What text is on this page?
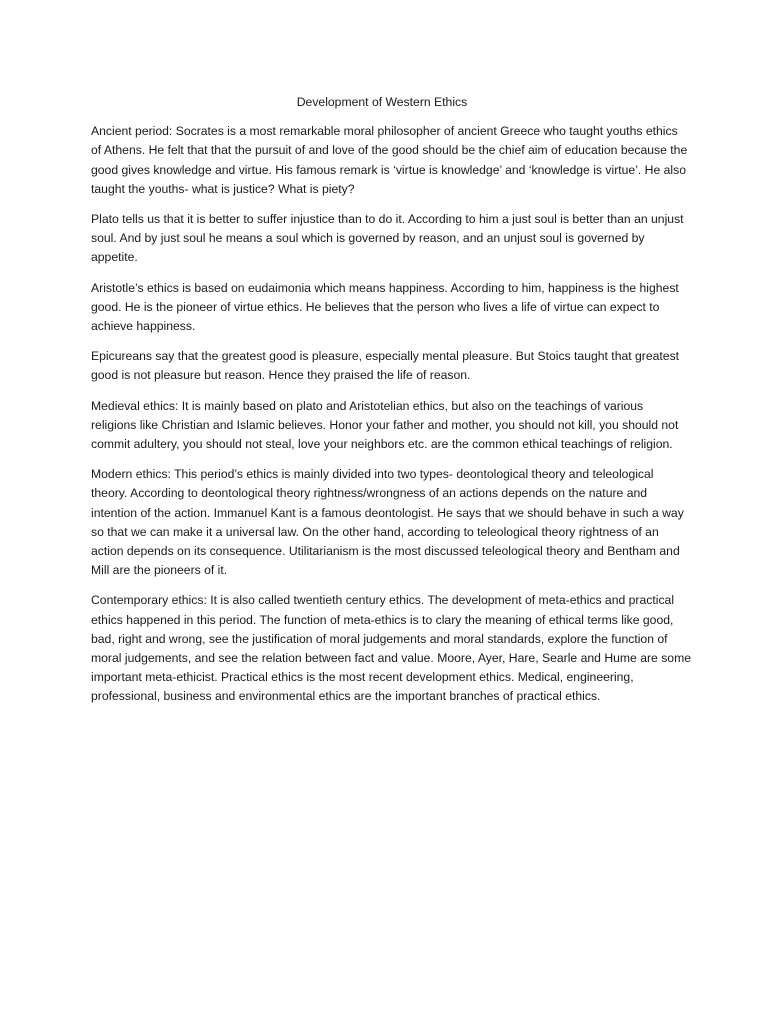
Development of Western Ethics

Ancient period: Socrates is a most remarkable moral philosopher of ancient Greece who taught youths ethics of Athens. He felt that that the pursuit of and love of the good should be the chief aim of education because the good gives knowledge and virtue. His famous remark is ‘virtue is knowledge’ and ‘knowledge is virtue’. He also taught the youths- what is justice? What is piety?

Plato tells us that it is better to suffer injustice than to do it. According to him a just soul is better than an unjust soul. And by just soul he means a soul which is governed by reason, and an unjust soul is governed by appetite.

Aristotle’s ethics is based on eudaimonia which means happiness. According to him, happiness is the highest good. He is the pioneer of virtue ethics. He believes that the person who lives a life of virtue can expect to achieve happiness.

Epicureans say that the greatest good is pleasure, especially mental pleasure. But Stoics taught that greatest good is not pleasure but reason. Hence they praised the life of reason.

Medieval ethics: It is mainly based on plato and Aristotelian ethics, but also on the teachings of various religions like Christian and Islamic believes. Honor your father and mother, you should not kill, you should not commit adultery, you should not steal, love your neighbors etc. are the common ethical teachings of religion.

Modern ethics: This period’s ethics is mainly divided into two types- deontological theory and teleological theory. According to deontological theory rightness/wrongness of an actions depends on the nature and intention of the action. Immanuel Kant is a famous deontologist. He says that we should behave in such a way so that we can make it a universal law. On the other hand, according to teleological theory rightness of an action depends on its consequence. Utilitarianism is the most discussed teleological theory and Bentham and Mill are the pioneers of it.

Contemporary ethics: It is also called twentieth century ethics. The development of meta-ethics and practical ethics happened in this period. The function of meta-ethics is to clary the meaning of ethical terms like good, bad, right and wrong, see the justification of moral judgements and moral standards, explore the function of moral judgements, and see the relation between fact and value. Moore, Ayer, Hare, Searle and Hume are some important meta-ethicist. Practical ethics is the most recent development ethics. Medical, engineering, professional, business and environmental ethics are the important branches of practical ethics.
